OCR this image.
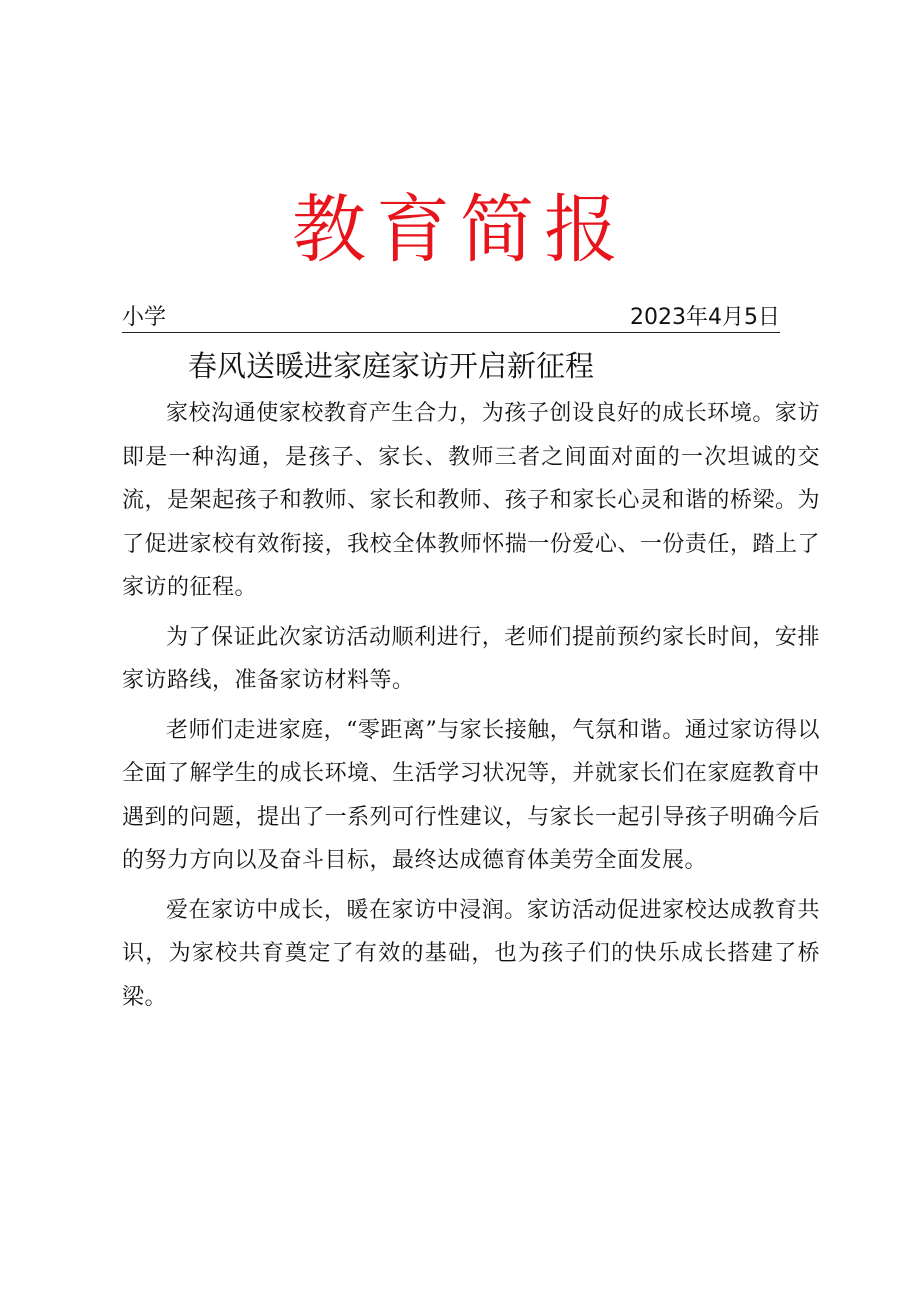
教育简报
小学	2023年4月5日
春风送暖进家庭家访开启新征程

家校沟通使家校教育产生合力，为孩子创设良好的成长环境。家访即是一种沟通，是孩子、家长、教师三者之间面对面的一次坦诚的交流，是架起孩子和教师、家长和教师、孩子和家长心灵和谐的桥梁。为了促进家校有效衔接，我校全体教师怀揣一份爱心、一份责任，踏上了家访的征程。

为了保证此次家访活动顺利进行，老师们提前预约家长时间，安排家访路线，准备家访材料等。

老师们走进家庭，“零距离”与家长接触，气氛和谐。通过家访得以全面了解学生的成长环境、生活学习状况等，并就家长们在家庭教育中遇到的问题，提出了一系列可行性建议，与家长一起引导孩子明确今后的努力方向以及奋斗目标，最终达成德育体美劳全面发展。

爱在家访中成长，暖在家访中浸润。家访活动促进家校达成教育共识，为家校共育奠定了有效的基础，也为孩子们的快乐成长搭建了桥梁。
